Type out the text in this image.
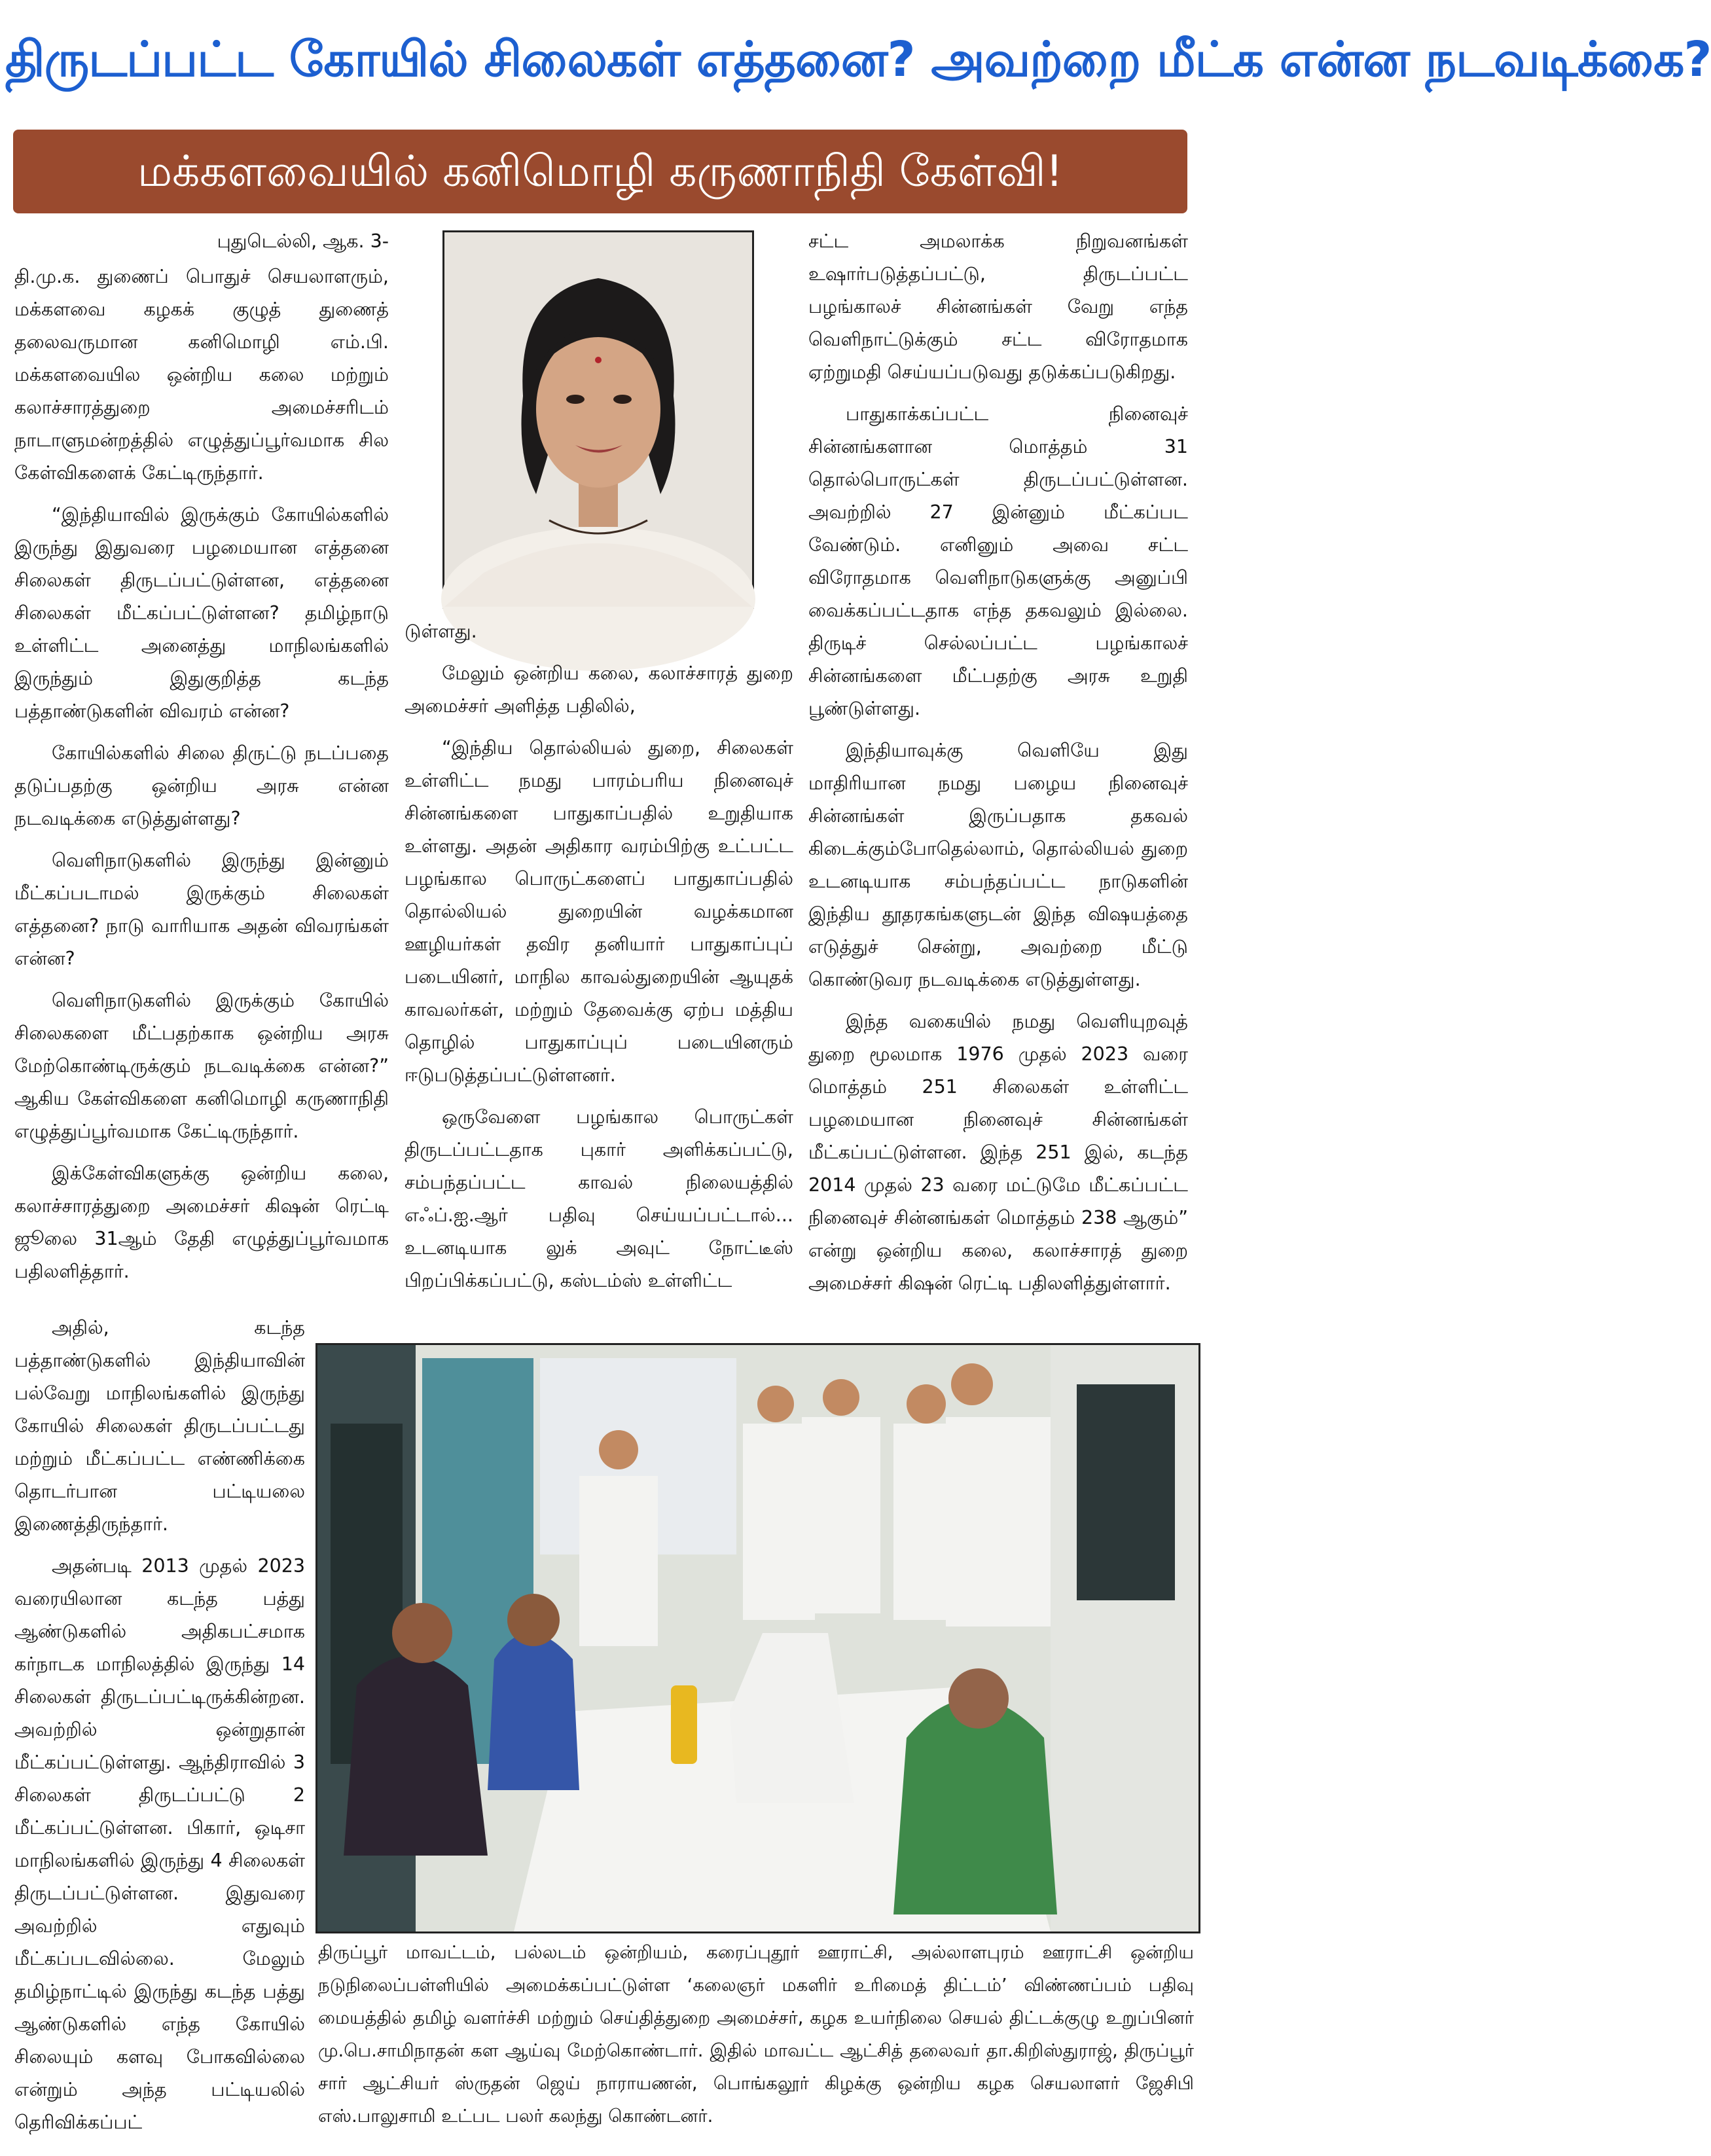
திருடப்பட்ட கோயில் சிலைகள் எத்தனை? அவற்றை மீட்க என்ன நடவடிக்கை?
மக்களவையில் கனிமொழி கருணாநிதி கேள்வி!
புதுடெல்லி, ஆக. 3-

தி.மு.க. துணைப் பொதுச் செயலாளரும், மக்களவை கழகக் குழுத் துணைத் தலைவருமான கனிமொழி எம்.பி. மக்களவையில ஒன்றிய கலை மற்றும் கலாச்சாரத்துறை அமைச்சரிடம் நாடாளுமன்றத்தில் எழுத்துப்பூர்வமாக சில கேள்விகளைக் கேட்டிருந்தார்.

“இந்தியாவில் இருக்கும் கோயில்களில் இருந்து இதுவரை பழமையான எத்தனை சிலைகள் திருடப்பட்டுள்ளன, எத்தனை சிலைகள் மீட்கப்பட்டுள்ளன? தமிழ்நாடு உள்ளிட்ட அனைத்து மாநிலங்களில் இருந்தும் இதுகுறித்த கடந்த பத்தாண்டுகளின் விவரம் என்ன?

கோயில்களில் சிலை திருட்டு நடப்பதை தடுப்பதற்கு ஒன்றிய அரசு என்ன நடவடிக்கை எடுத்துள்ளது?

வெளிநாடுகளில் இருந்து இன்னும் மீட்கப்படாமல் இருக்கும் சிலைகள் எத்தனை? நாடு வாரியாக அதன் விவரங்கள் என்ன?

வெளிநாடுகளில் இருக்கும் கோயில் சிலைகளை மீட்பதற்காக ஒன்றிய அரசு மேற்கொண்டிருக்கும் நடவடிக்கை என்ன?” ஆகிய கேள்விகளை கனிமொழி கருணாநிதி எழுத்துப்பூர்வமாக கேட்டிருந்தார்.

இக்கேள்விகளுக்கு ஒன்றிய கலை, கலாச்சாரத்துறை அமைச்சர் கிஷன் ரெட்டி ஜூலை 31ஆம் தேதி எழுத்துப்பூர்வமாக பதிலளித்தார்.

அதில், கடந்த பத்தாண்டுகளில் இந்தியாவின் பல்வேறு மாநிலங்களில் இருந்து கோயில் சிலைகள் திருடப்பட்டது மற்றும் மீட்கப்பட்ட எண்ணிக்கை தொடர்பான பட்டியலை இணைத்திருந்தார்.

அதன்படி 2013 முதல் 2023 வரையிலான கடந்த பத்து ஆண்டுகளில் அதிகபட்சமாக கர்நாடக மாநிலத்தில் இருந்து 14 சிலைகள் திருடப்பட்டிருக்கின்றன. அவற்றில் ஒன்றுதான் மீட்கப்பட்டுள்ளது. ஆந்திராவில் 3 சிலைகள் திருடப்பட்டு 2 மீட்கப்பட்டுள்ளன. பிகார், ஒடிசா மாநிலங்களில் இருந்து 4 சிலைகள் திருடப்பட்டுள்ளன. இதுவரை அவற்றில் எதுவும் மீட்கப்படவில்லை. மேலும் தமிழ்நாட்டில் இருந்து கடந்த பத்து ஆண்டுகளில் எந்த கோயில் சிலையும் களவு போகவில்லை என்றும் அந்த பட்டியலில் தெரிவிக்கப்பட்

டுள்ளது.

மேலும் ஒன்றிய கலை, கலாச்சாரத் துறை அமைச்சர் அளித்த பதிலில்,

“இந்திய தொல்லியல் துறை, சிலைகள் உள்ளிட்ட நமது பாரம்பரிய நினைவுச் சின்னங்களை பாதுகாப்பதில் உறுதியாக உள்ளது. அதன் அதிகார வரம்பிற்கு உட்பட்ட பழங்கால பொருட்களைப் பாதுகாப்பதில் தொல்லியல் துறையின் வழக்கமான ஊழியர்கள் தவிர தனியார் பாதுகாப்புப் படையினர், மாநில காவல்துறையின் ஆயுதக் காவலர்கள், மற்றும் தேவைக்கு ஏற்ப மத்திய தொழில் பாதுகாப்புப் படையினரும் ஈடுபடுத்தப்பட்டுள்ளனர்.

ஒருவேளை பழங்கால பொருட்கள் திருடப்பட்டதாக புகார் அளிக்கப்பட்டு, சம்பந்தப்பட்ட காவல் நிலையத்தில் எஃப்.ஐ.ஆர் பதிவு செய்யப்பட்டால்... உடனடியாக லுக் அவுட் நோட்டீஸ் பிறப்பிக்கப்பட்டு, கஸ்டம்ஸ் உள்ளிட்ட

சட்ட அமலாக்க நிறுவனங்கள் உஷார்படுத்தப்பட்டு, திருடப்பட்ட பழங்காலச் சின்னங்கள் வேறு எந்த வெளிநாட்டுக்கும் சட்ட விரோதமாக ஏற்றுமதி செய்யப்படுவது தடுக்கப்படுகிறது.

பாதுகாக்கப்பட்ட நினைவுச் சின்னங்களான மொத்தம் 31 தொல்பொருட்கள் திருடப்பட்டுள்ளன. அவற்றில் 27 இன்னும் மீட்கப்பட வேண்டும். எனினும் அவை சட்ட விரோதமாக வெளிநாடுகளுக்கு அனுப்பி வைக்கப்பட்டதாக எந்த தகவலும் இல்லை. திருடிச் செல்லப்பட்ட பழங்காலச் சின்னங்களை மீட்பதற்கு அரசு உறுதி பூண்டுள்ளது.

இந்தியாவுக்கு வெளியே இது மாதிரியான நமது பழைய நினைவுச் சின்னங்கள் இருப்பதாக தகவல் கிடைக்கும்போதெல்லாம், தொல்லியல் துறை உடனடியாக சம்பந்தப்பட்ட நாடுகளின் இந்திய தூதரகங்களுடன் இந்த விஷயத்தை எடுத்துச் சென்று, அவற்றை மீட்டு கொண்டுவர நடவடிக்கை எடுத்துள்ளது.

இந்த வகையில் நமது வெளியுறவுத் துறை மூலமாக 1976 முதல் 2023 வரை மொத்தம் 251 சிலைகள் உள்ளிட்ட பழமையான நினைவுச் சின்னங்கள் மீட்கப்பட்டுள்ளன. இந்த 251 இல், கடந்த 2014 முதல் 23 வரை மட்டுமே மீட்கப்பட்ட நினைவுச் சின்னங்கள் மொத்தம் 238 ஆகும்” என்று ஒன்றிய கலை, கலாச்சாரத் துறை அமைச்சர் கிஷன் ரெட்டி பதிலளித்துள்ளார்.

திருப்பூர் மாவட்டம், பல்லடம் ஒன்றியம், கரைப்புதூர் ஊராட்சி, அல்லாளபுரம் ஊராட்சி ஒன்றிய நடுநிலைப்பள்ளியில் அமைக்கப்பட்டுள்ள ‘கலைஞர் மகளிர் உரிமைத் திட்டம்’ விண்ணப்பம் பதிவு மையத்தில் தமிழ் வளர்ச்சி மற்றும் செய்தித்துறை அமைச்சர், கழக உயர்நிலை செயல் திட்டக்குழு உறுப்பினர் மு.பெ.சாமிநாதன் கள ஆய்வு மேற்கொண்டார். இதில் மாவட்ட ஆட்சித் தலைவர் தா.கிறிஸ்துராஜ், திருப்பூர் சார் ஆட்சியர் ஸ்ருதன் ஜெய் நாராயணன், பொங்கலூர் கிழக்கு ஒன்றிய கழக செயலாளர் ஜேசிபி எஸ்.பாலுசாமி உட்பட பலர் கலந்து கொண்டனர்.
